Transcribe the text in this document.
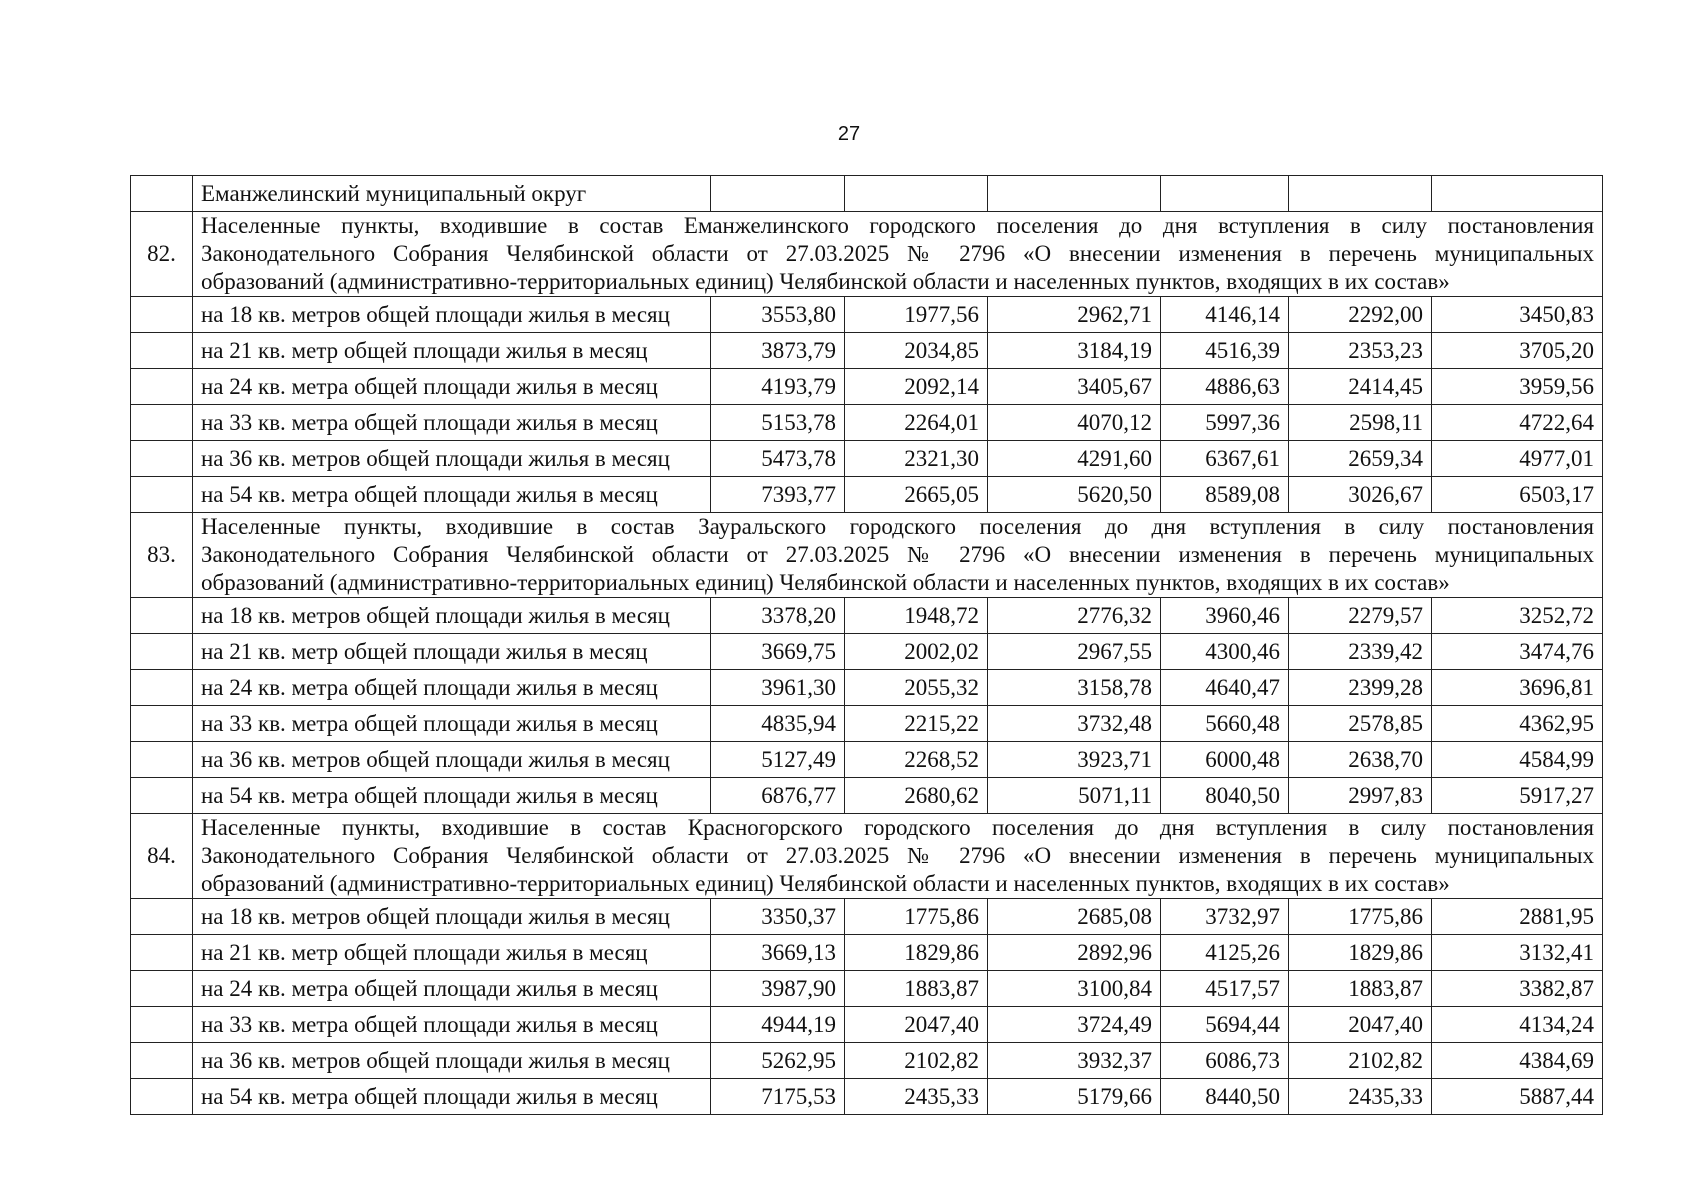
27
	Еманжелинский муниципальный округ						
82.	Населенные пункты, входившие в состав Еманжелинского городского поселения до дня вступления в силу постановления
Законодательного Собрания Челябинской области от 27.03.2025 № 2796 «О внесении изменения в перечень муниципальных
образований (административно-территориальных единиц) Челябинской области и населенных пунктов, входящих в их состав»						

	на 18 кв. метров общей площади жилья в месяц	3553,80	1977,56	2962,71	4146,14	2292,00	3450,83
	на 21 кв. метр общей площади жилья в месяц	3873,79	2034,85	3184,19	4516,39	2353,23	3705,20
	на 24 кв. метра общей площади жилья в месяц	4193,79	2092,14	3405,67	4886,63	2414,45	3959,56
	на 33 кв. метра общей площади жилья в месяц	5153,78	2264,01	4070,12	5997,36	2598,11	4722,64
	на 36 кв. метров общей площади жилья в месяц	5473,78	2321,30	4291,60	6367,61	2659,34	4977,01
	на 54 кв. метра общей площади жилья в месяц	7393,77	2665,05	5620,50	8589,08	3026,67	6503,17
83.	Населенные пункты, входившие в состав Зауральского городского поселения до дня вступления в силу постановления
Законодательного Собрания Челябинской области от 27.03.2025 № 2796 «О внесении изменения в перечень муниципальных
образований (административно-территориальных единиц) Челябинской области и населенных пунктов, входящих в их состав»						

	на 18 кв. метров общей площади жилья в месяц	3378,20	1948,72	2776,32	3960,46	2279,57	3252,72
	на 21 кв. метр общей площади жилья в месяц	3669,75	2002,02	2967,55	4300,46	2339,42	3474,76
	на 24 кв. метра общей площади жилья в месяц	3961,30	2055,32	3158,78	4640,47	2399,28	3696,81
	на 33 кв. метра общей площади жилья в месяц	4835,94	2215,22	3732,48	5660,48	2578,85	4362,95
	на 36 кв. метров общей площади жилья в месяц	5127,49	2268,52	3923,71	6000,48	2638,70	4584,99
	на 54 кв. метра общей площади жилья в месяц	6876,77	2680,62	5071,11	8040,50	2997,83	5917,27
84.	Населенные пункты, входившие в состав Красногорского городского поселения до дня вступления в силу постановления
Законодательного Собрания Челябинской области от 27.03.2025 № 2796 «О внесении изменения в перечень муниципальных
образований (административно-территориальных единиц) Челябинской области и населенных пунктов, входящих в их состав»						

	на 18 кв. метров общей площади жилья в месяц	3350,37	1775,86	2685,08	3732,97	1775,86	2881,95
	на 21 кв. метр общей площади жилья в месяц	3669,13	1829,86	2892,96	4125,26	1829,86	3132,41
	на 24 кв. метра общей площади жилья в месяц	3987,90	1883,87	3100,84	4517,57	1883,87	3382,87
	на 33 кв. метра общей площади жилья в месяц	4944,19	2047,40	3724,49	5694,44	2047,40	4134,24
	на 36 кв. метров общей площади жилья в месяц	5262,95	2102,82	3932,37	6086,73	2102,82	4384,69
	на 54 кв. метра общей площади жилья в месяц	7175,53	2435,33	5179,66	8440,50	2435,33	5887,44
